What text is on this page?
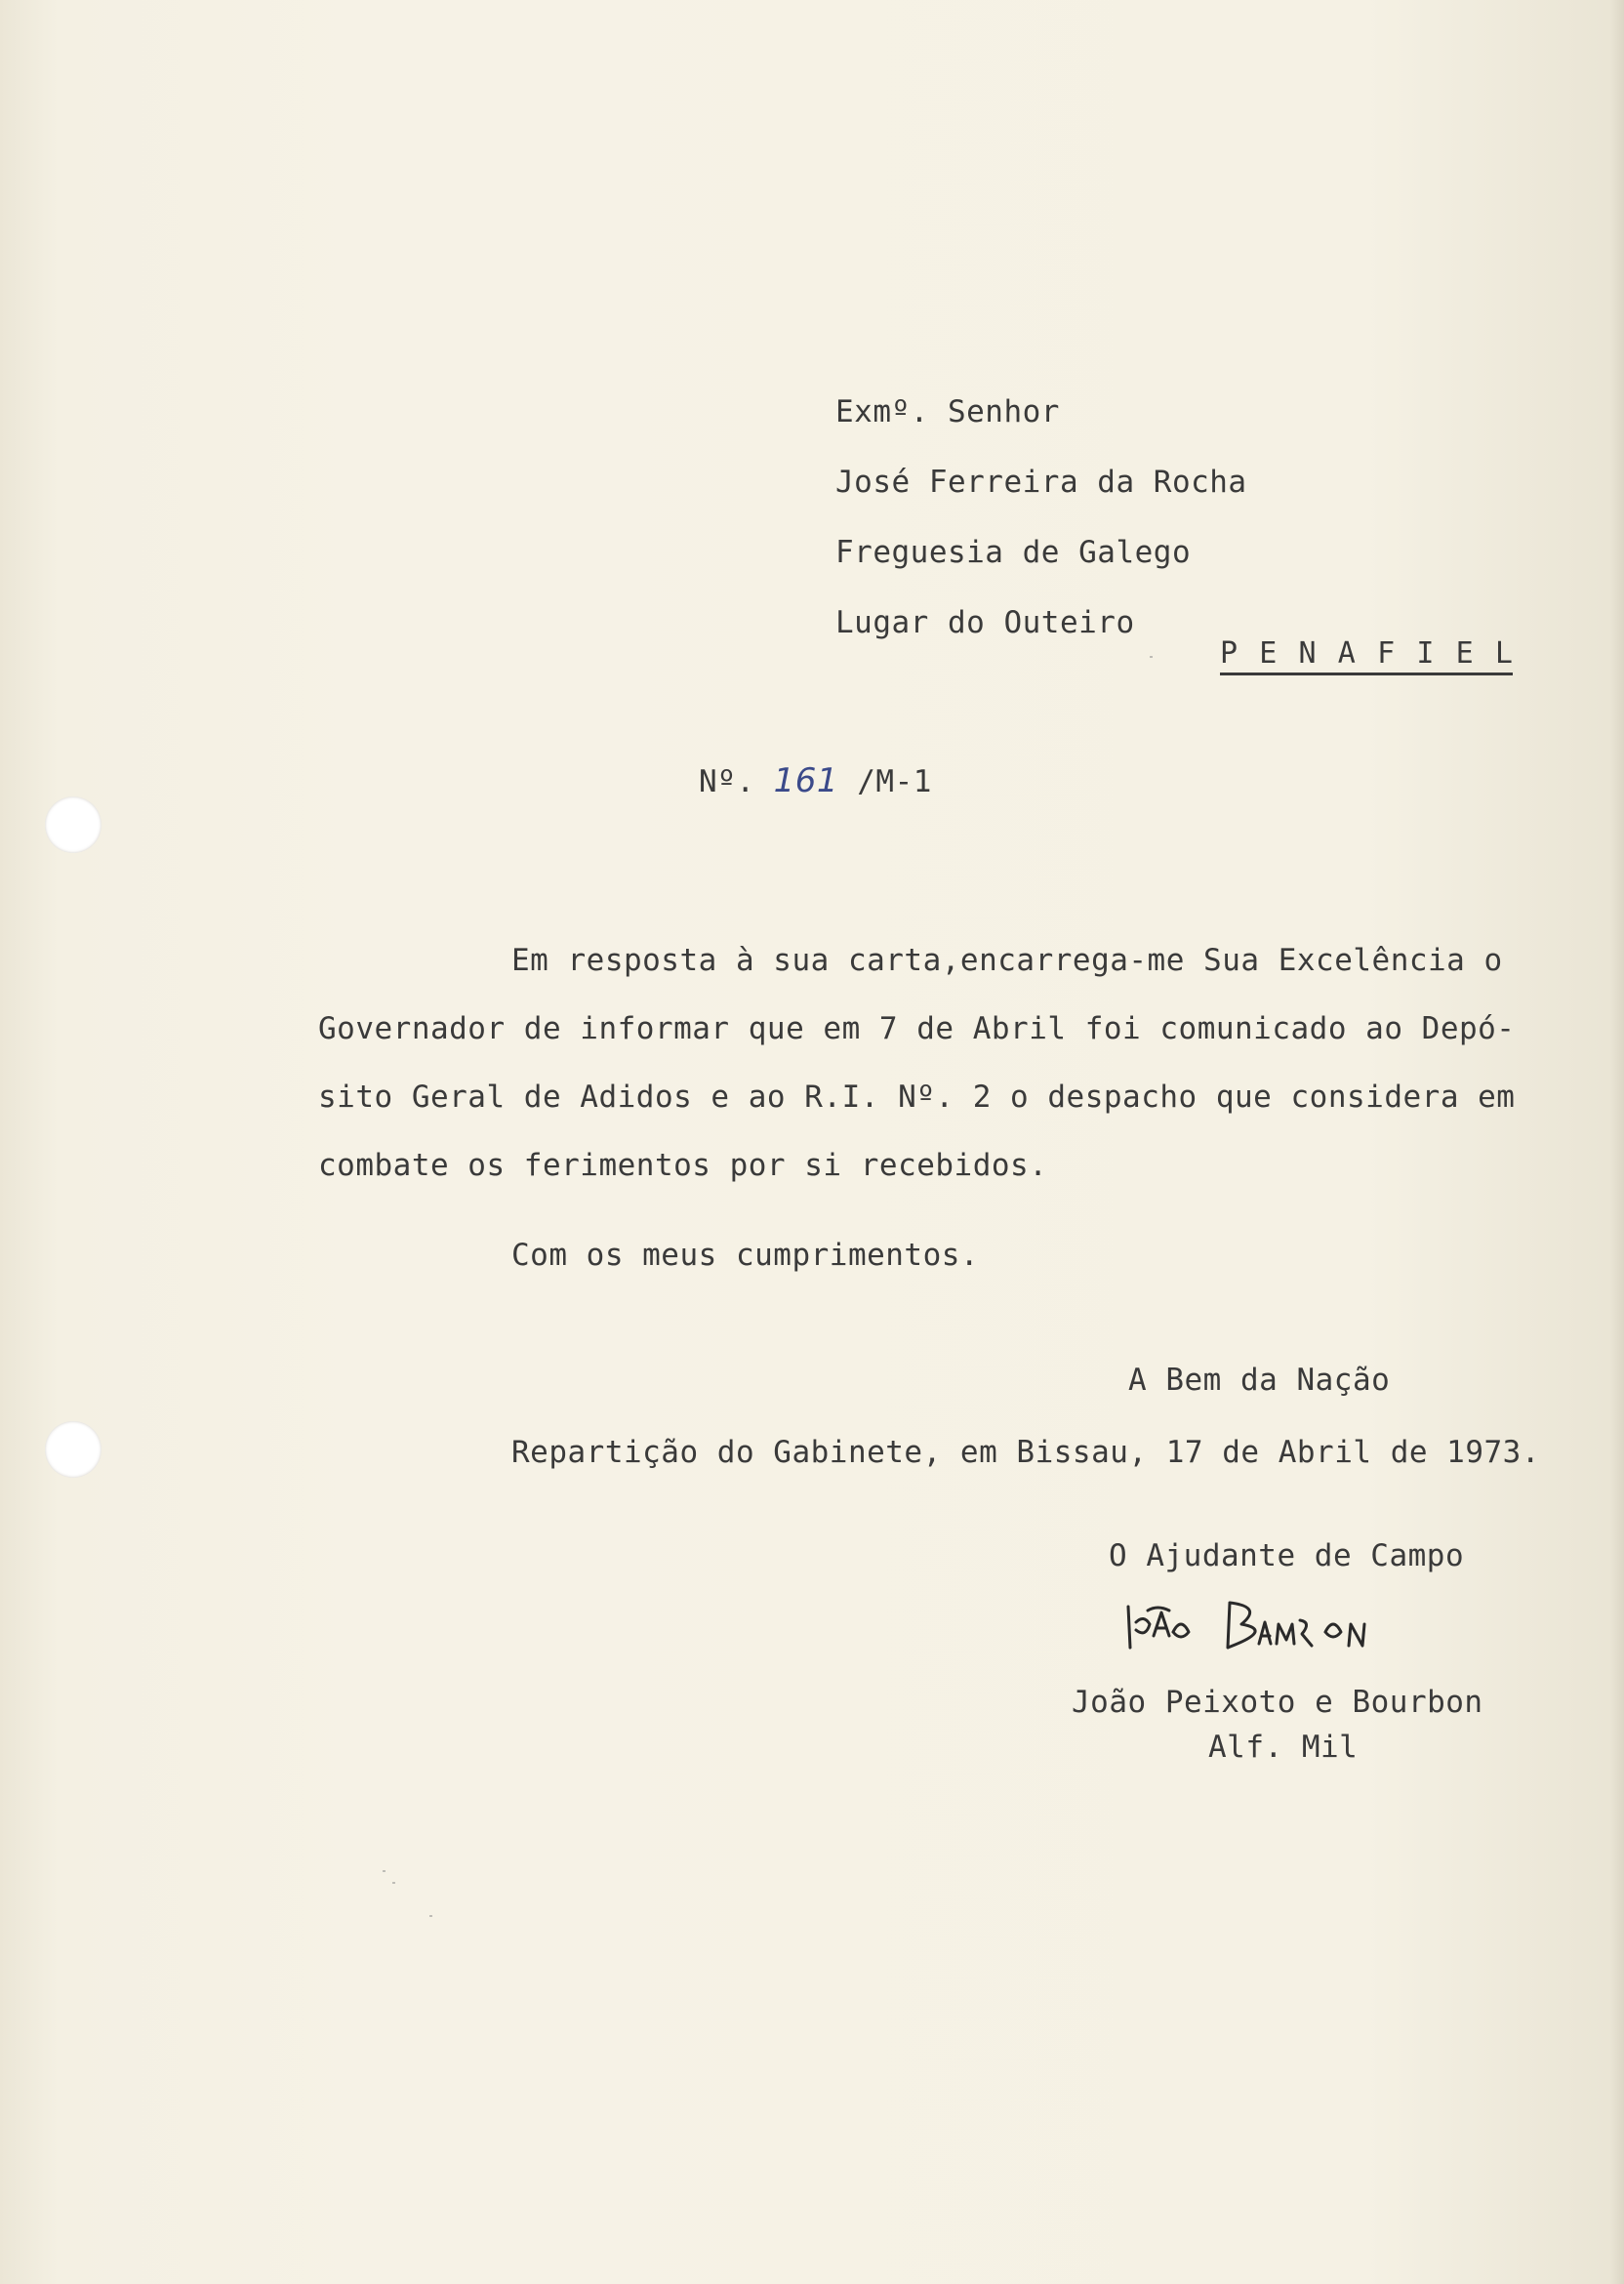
Exmº. Senhor
José Ferreira da Rocha
Freguesia de Galego
Lugar do Outeiro
P E N A F I E L
Nº. 161 /M-1
Em resposta à sua carta,encarrega-me Sua Excelência o
Governador de informar que em 7 de Abril foi comunicado ao Depó-
sito Geral de Adidos e ao R.I. Nº. 2 o despacho que considera em
combate os ferimentos por si recebidos.
Com os meus cumprimentos.
A Bem da Nação
Repartição do Gabinete, em Bissau, 17 de Abril de 1973.
O Ajudante de Campo
João Peixoto e Bourbon
Alf. Mil
